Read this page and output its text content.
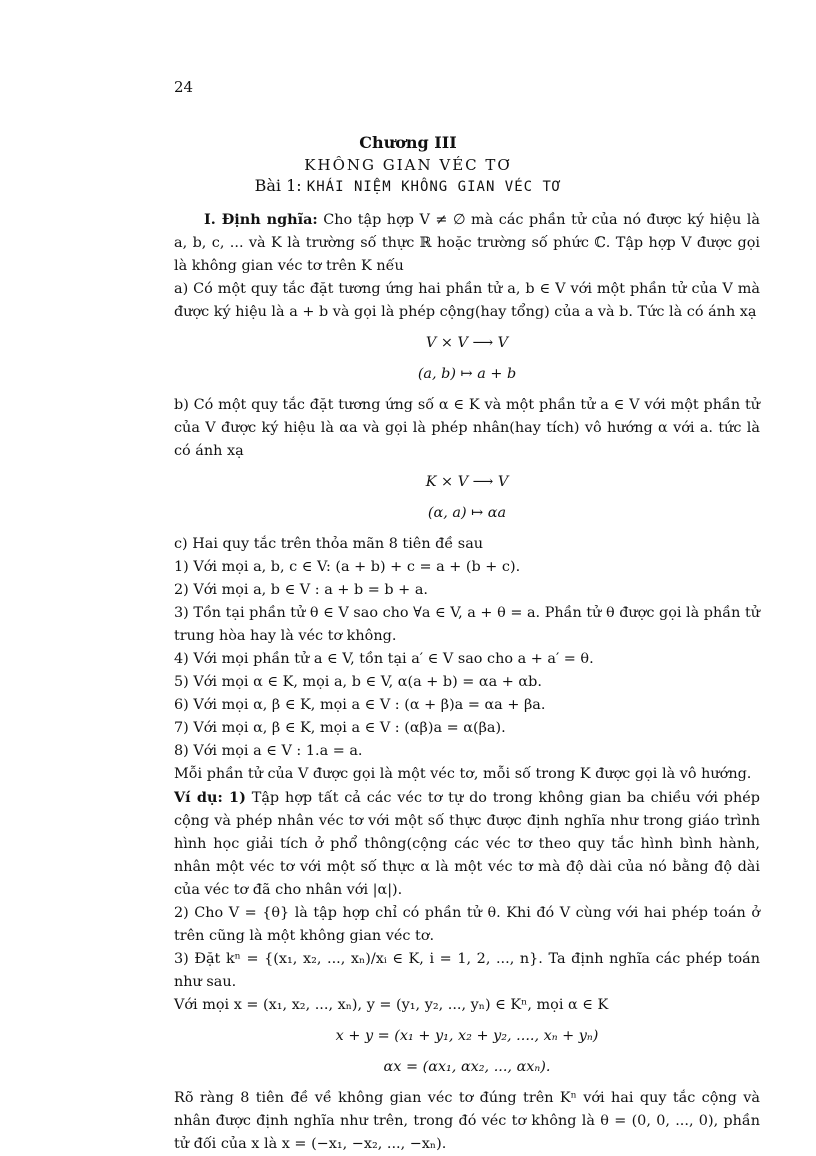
24
Chương III
KHÔNG GIAN VÉC TƠ
Bài 1: KHÁI NIỆM KHÔNG GIAN VÉC TƠ

I. Định nghĩa: Cho tập hợp V ≠ ∅ mà các phần tử của nó được ký hiệu là a, b, c, ... và K là trường số thực ℝ hoặc trường số phức ℂ. Tập hợp V được gọi là không gian véc tơ trên K nếu

a) Có một quy tắc đặt tương ứng hai phần tử a, b ∈ V với một phần tử của V mà được ký hiệu là a + b và gọi là phép cộng(hay tổng) của a và b. Tức là có ánh xạ

V × V ⟶ V

(a, b) ↦ a + b

b) Có một quy tắc đặt tương ứng số α ∈ K và một phần tử a ∈ V với một phần tử của V được ký hiệu là αa và gọi là phép nhân(hay tích) vô hướng α với a. tức là có ánh xạ

K × V ⟶ V

(α, a) ↦ αa

c) Hai quy tắc trên thỏa mãn 8 tiên đề sau

1) Với mọi a, b, c ∈ V: (a + b) + c = a + (b + c).

2) Với mọi a, b ∈ V : a + b = b + a.

3) Tồn tại phần tử θ ∈ V sao cho ∀a ∈ V, a + θ = a. Phần tử θ được gọi là phần tử trung hòa hay là véc tơ không.

4) Với mọi phần tử a ∈ V, tồn tại a′ ∈ V sao cho a + a′ = θ.

5) Với mọi α ∈ K, mọi a, b ∈ V, α(a + b) = αa + αb.

6) Với mọi α, β ∈ K, mọi a ∈ V : (α + β)a = αa + βa.

7) Với mọi α, β ∈ K, mọi a ∈ V : (αβ)a = α(βa).

8) Với mọi a ∈ V : 1.a = a.

Mỗi phần tử của V được gọi là một véc tơ, mỗi số trong K được gọi là vô hướng.

Ví dụ: 1) Tập hợp tất cả các véc tơ tự do trong không gian ba chiều với phép cộng và phép nhân véc tơ với một số thực được định nghĩa như trong giáo trình hình học giải tích ở phổ thông(cộng các véc tơ theo quy tắc hình bình hành, nhân một véc tơ với một số thực α là một véc tơ mà độ dài của nó bằng độ dài của véc tơ đã cho nhân với |α|).

2) Cho V = {θ} là tập hợp chỉ có phần tử θ. Khi đó V cùng với hai phép toán ở trên cũng là một không gian véc tơ.

3) Đặt kⁿ = {(x₁, x₂, ..., xₙ)/xᵢ ∈ K, i = 1, 2, ..., n}. Ta định nghĩa các phép toán như sau.

Với mọi x = (x₁, x₂, ..., xₙ), y = (y₁, y₂, ..., yₙ) ∈ Kⁿ, mọi α ∈ K

x + y = (x₁ + y₁, x₂ + y₂, ...., xₙ + yₙ)

αx = (αx₁, αx₂, ..., αxₙ).

Rõ ràng 8 tiên đề về không gian véc tơ đúng trên Kⁿ với hai quy tắc cộng và nhân được định nghĩa như trên, trong đó véc tơ không là θ = (0, 0, ..., 0), phần tử đối của x là x = (−x₁, −x₂, ..., −xₙ).
